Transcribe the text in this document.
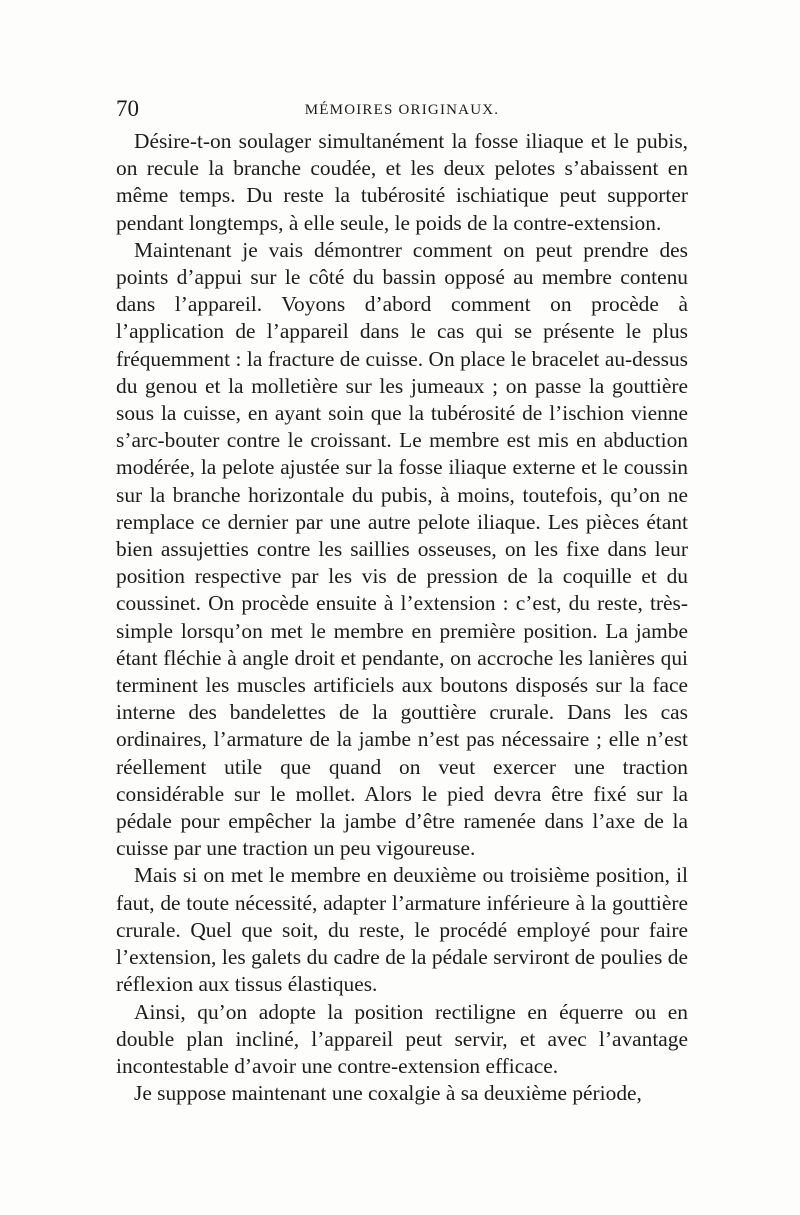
70	MÉMOIRES ORIGINAUX.

Désire-t-on soulager simultanément la fosse iliaque et le pubis, on recule la branche coudée, et les deux pelotes s’abaissent en même temps. Du reste la tubérosité ischiatique peut supporter pendant longtemps, à elle seule, le poids de la contre-extension.

Maintenant je vais démontrer comment on peut prendre des points d’appui sur le côté du bassin opposé au membre contenu dans l’appareil. Voyons d’abord comment on procède à l’application de l’appareil dans le cas qui se présente le plus fréquemment : la fracture de cuisse. On place le bracelet au-dessus du genou et la molletière sur les jumeaux ; on passe la gouttière sous la cuisse, en ayant soin que la tubérosité de l’ischion vienne s’arc-bouter contre le croissant. Le membre est mis en abduction modérée, la pelote ajustée sur la fosse iliaque externe et le coussin sur la branche horizontale du pubis, à moins, toutefois, qu’on ne remplace ce dernier par une autre pelote iliaque. Les pièces étant bien assujetties contre les saillies osseuses, on les fixe dans leur position respective par les vis de pression de la coquille et du coussinet. On procède ensuite à l’extension : c’est, du reste, très-simple lorsqu’on met le membre en première position. La jambe étant fléchie à angle droit et pendante, on accroche les lanières qui terminent les muscles artificiels aux boutons disposés sur la face interne des bandelettes de la gouttière crurale. Dans les cas ordinaires, l’armature de la jambe n’est pas nécessaire ; elle n’est réellement utile que quand on veut exercer une traction considérable sur le mollet. Alors le pied devra être fixé sur la pédale pour empêcher la jambe d’être ramenée dans l’axe de la cuisse par une traction un peu vigoureuse.

Mais si on met le membre en deuxième ou troisième position, il faut, de toute nécessité, adapter l’armature inférieure à la gouttière crurale. Quel que soit, du reste, le procédé employé pour faire l’extension, les galets du cadre de la pédale serviront de poulies de réflexion aux tissus élastiques.

Ainsi, qu’on adopte la position rectiligne en équerre ou en double plan incliné, l’appareil peut servir, et avec l’avantage incontestable d’avoir une contre-extension efficace.

Je suppose maintenant une coxalgie à sa deuxième période,
